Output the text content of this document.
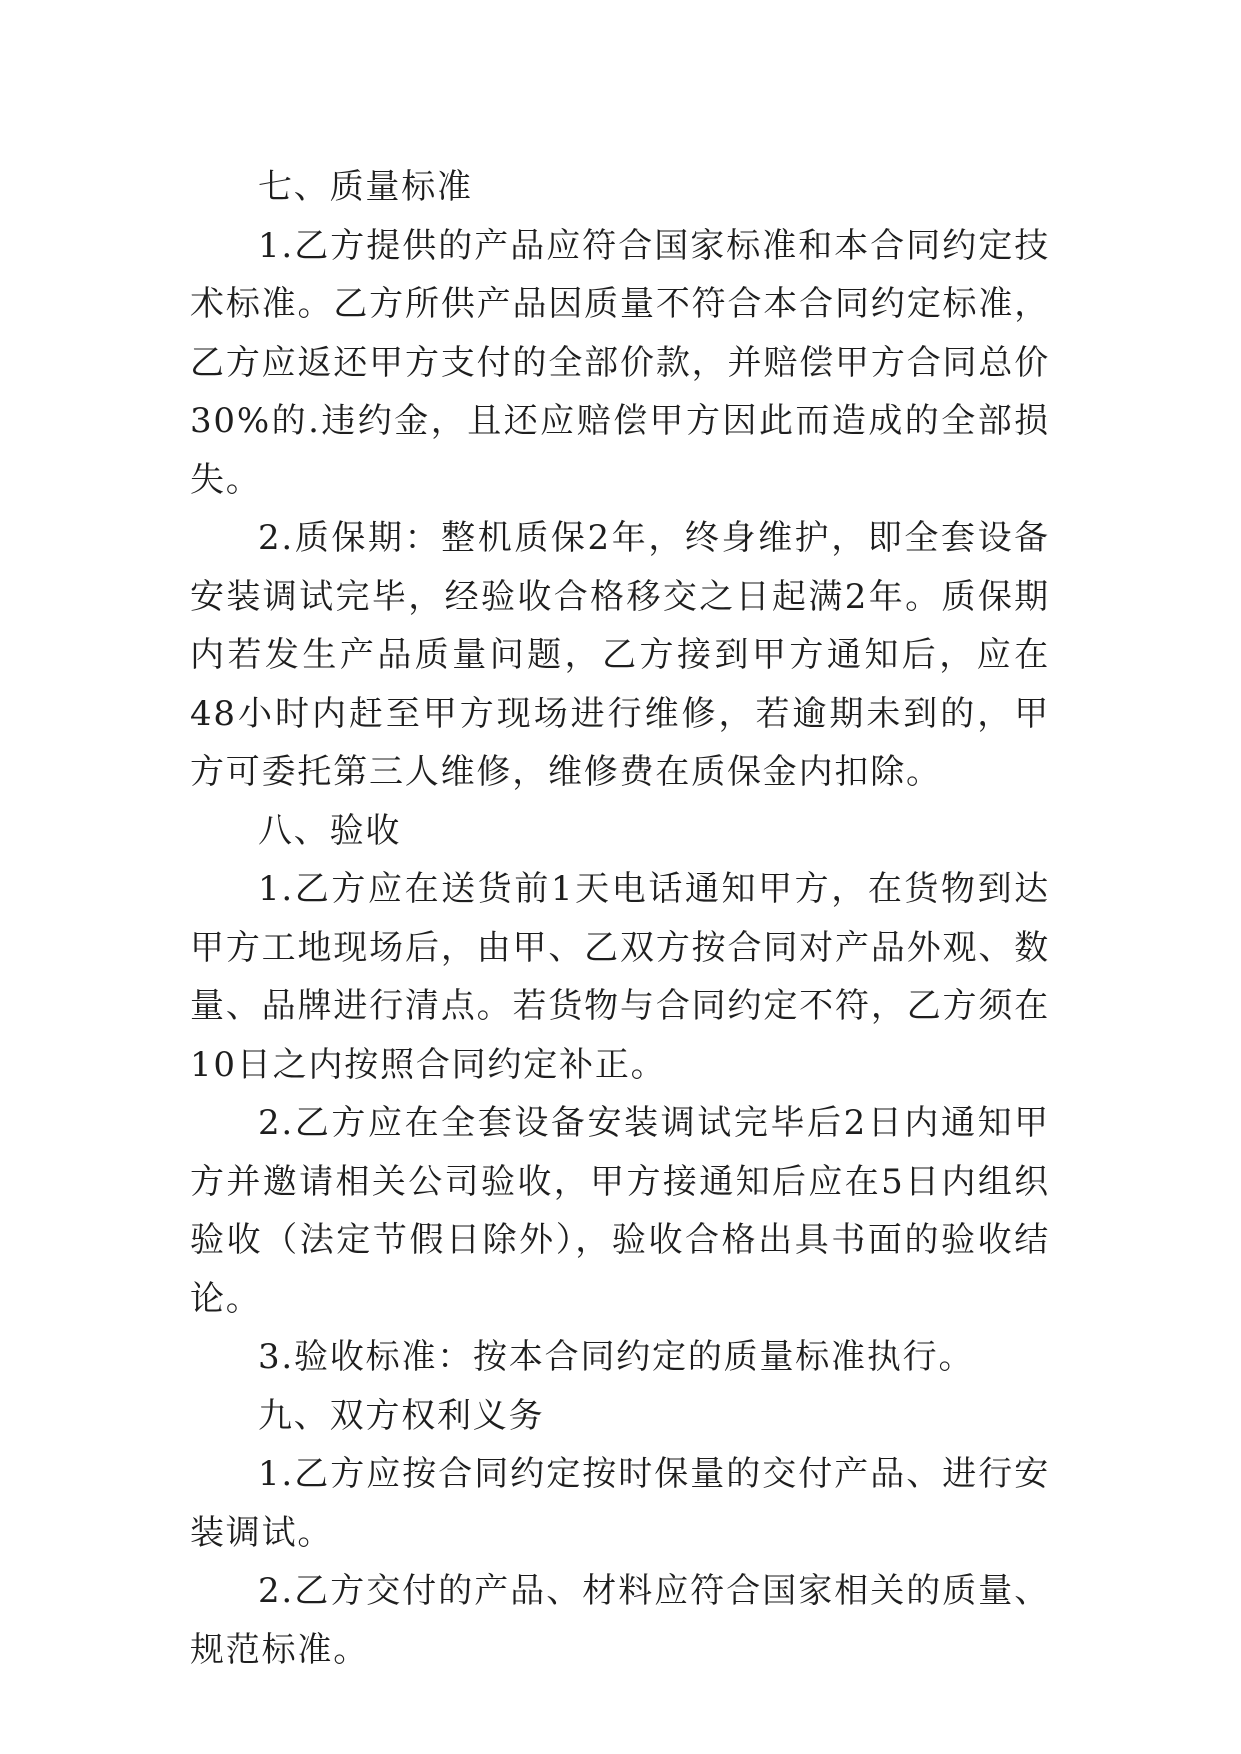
七、质量标准

1.乙方提供的产品应符合国家标准和本合同约定技术标准。乙方所供产品因质量不符合本合同约定标准，乙方应返还甲方支付的全部价款，并赔偿甲方合同总价30%的.违约金，且还应赔偿甲方因此而造成的全部损失。

2.质保期：整机质保2年，终身维护，即全套设备安装调试完毕，经验收合格移交之日起满2年。质保期内若发生产品质量问题，乙方接到甲方通知后，应在48小时内赶至甲方现场进行维修，若逾期未到的，甲方可委托第三人维修，维修费在质保金内扣除。

八、验收

1.乙方应在送货前1天电话通知甲方，在货物到达甲方工地现场后，由甲、乙双方按合同对产品外观、数量、品牌进行清点。若货物与合同约定不符，乙方须在10日之内按照合同约定补正。

2.乙方应在全套设备安装调试完毕后2日内通知甲方并邀请相关公司验收，甲方接通知后应在5日内组织验收（法定节假日除外），验收合格出具书面的验收结论。

3.验收标准：按本合同约定的质量标准执行。

九、双方权利义务

1.乙方应按合同约定按时保量的交付产品、进行安装调试。

2.乙方交付的产品、材料应符合国家相关的质量、规范标准。
